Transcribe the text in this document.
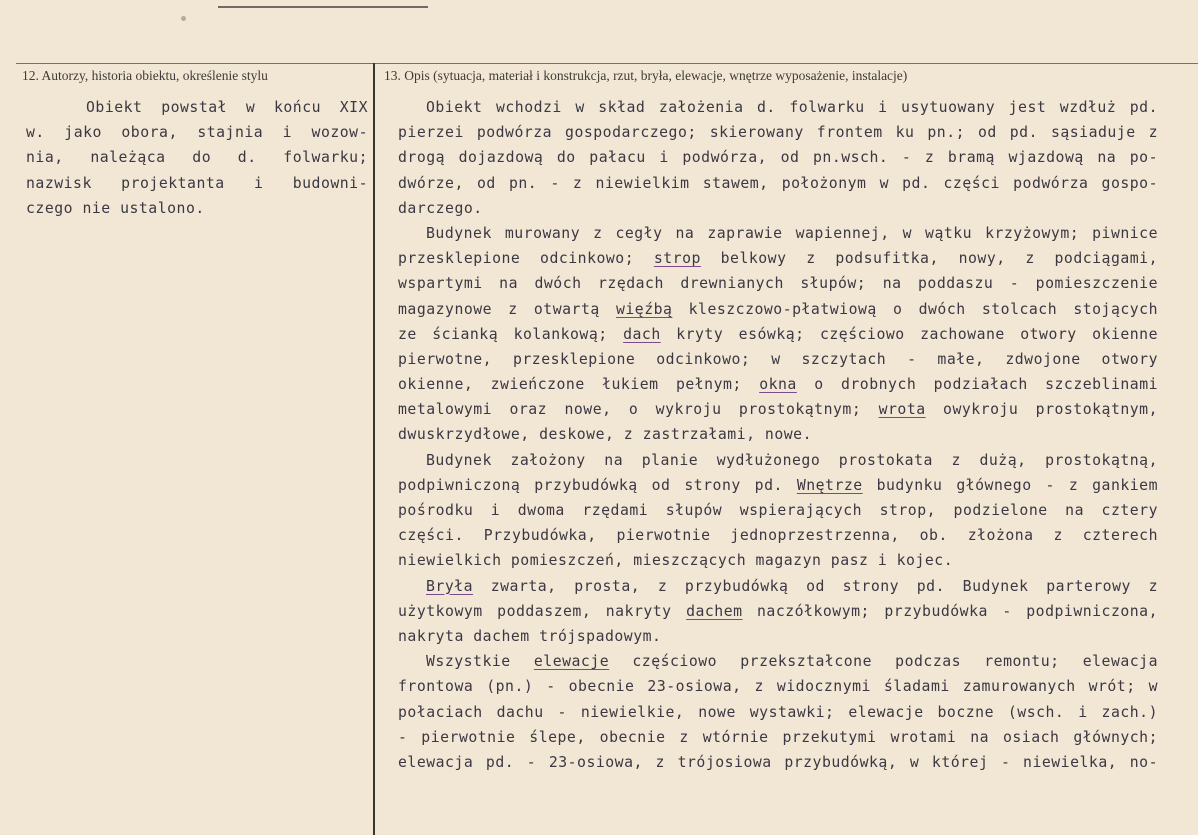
12. Autorzy, historia obiektu, określenie stylu	13. Opis (sytuacja, materiał i konstrukcja, rzut, bryła, elewacje, wnętrze wyposażenie, instalacje)
Obiekt powstał w końcu XIX
w. jako obora, stajnia i wozow-
nia, należąca do d. folwarku;
nazwisk projektanta i budowni-
czego nie ustalono.
Obiekt wchodzi w skład założenia d. folwarku i usytuowany jest wzdłuż pd.
pierzei podwórza gospodarczego; skierowany frontem ku pn.; od pd. sąsiaduje z
drogą dojazdową do pałacu i podwórza, od pn.wsch. - z bramą wjazdową na po-
dwórze, od pn. - z niewielkim stawem, położonym w pd. części podwórza gospo-
darczego.
Budynek murowany z cegły na zaprawie wapiennej, w wątku krzyżowym; piwnice
przesklepione odcinkowo; strop belkowy z podsufitka, nowy, z podciągami,
wspartymi na dwóch rzędach drewnianych słupów; na poddaszu - pomieszczenie
magazynowe z otwartą więźbą kleszczowo-płatwiową o dwóch stolcach stojących
ze ścianką kolankową; dach kryty esówką; częściowo zachowane otwory okienne
pierwotne, przesklepione odcinkowo; w szczytach - małe, zdwojone otwory
okienne, zwieńczone łukiem pełnym; okna o drobnych podziałach szczeblinami
metalowymi oraz nowe, o wykroju prostokątnym; wrota owykroju prostokątnym,
dwuskrzydłowe, deskowe, z zastrzałami, nowe.
Budynek założony na planie wydłużonego prostokata z dużą, prostokątną,
podpiwniczoną przybudówką od strony pd. Wnętrze budynku głównego - z gankiem
pośrodku i dwoma rzędami słupów wspierających strop, podzielone na cztery
części. Przybudówka, pierwotnie jednoprzestrzenna, ob. złożona z czterech
niewielkich pomieszczeń, mieszczących magazyn pasz i kojec.
Bryła zwarta, prosta, z przybudówką od strony pd. Budynek parterowy z
użytkowym poddaszem, nakryty dachem naczółkowym; przybudówka - podpiwniczona,
nakryta dachem trójspadowym.
Wszystkie elewacje częściowo przekształcone podczas remontu; elewacja
frontowa (pn.) - obecnie 23-osiowa, z widocznymi śladami zamurowanych wrót; w
połaciach dachu - niewielkie, nowe wystawki; elewacje boczne (wsch. i zach.)
- pierwotnie ślepe, obecnie z wtórnie przekutymi wrotami na osiach głównych;
elewacja pd. - 23-osiowa, z trójosiowa przybudówką, w której - niewielka, no-
